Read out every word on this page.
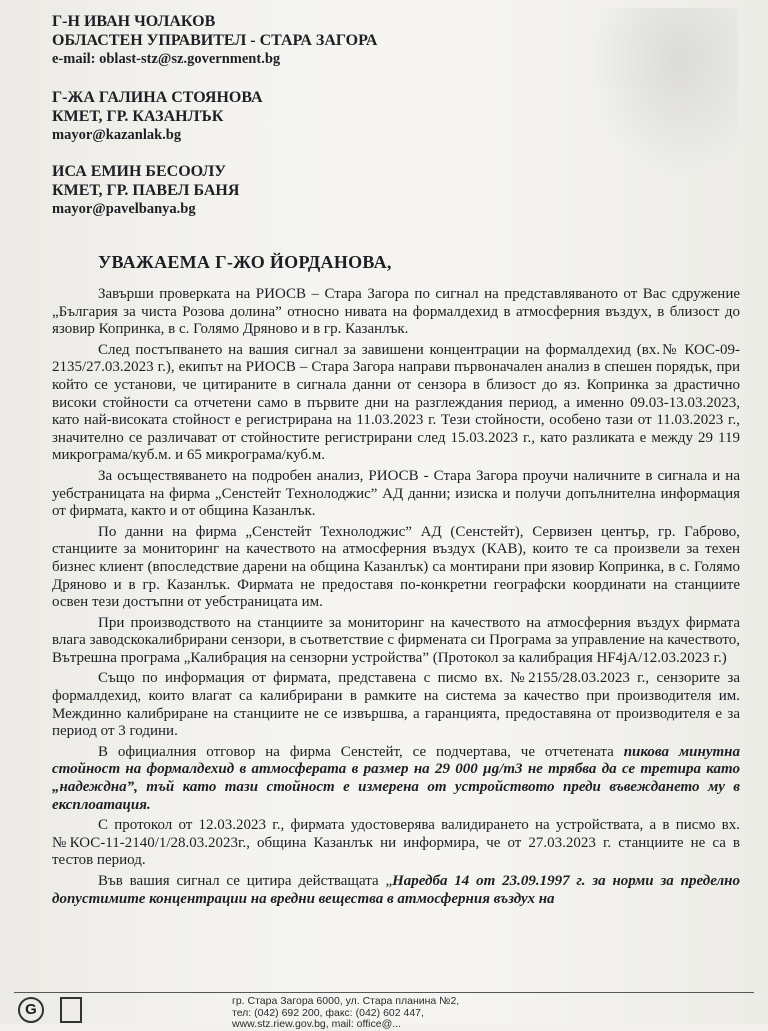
Г-Н ИВАН ЧОЛАКОВ
ОБЛАСТЕН УПРАВИТЕЛ - СТАРА ЗАГОРА
e-mail: oblast-stz@sz.government.bg
Г-ЖА ГАЛИНА СТОЯНОВА
КМЕТ, ГР. КАЗАНЛЪК
mayor@kazanlak.bg
ИСА ЕМИН БЕСООЛУ
КМЕТ, ГР. ПАВЕЛ БАНЯ
mayor@pavelbanya.bg
УВАЖАЕМА Г-ЖО ЙОРДАНОВА,

Завърши проверката на РИОСВ – Стара Загора по сигнал на представляваното от Вас сдружение „България за чиста Розова долина” относно нивата на формалдехид в атмосферния въздух, в близост до язовир Копринка, в с. Голямо Дряново и в гр. Казанлък.

След постъпването на вашия сигнал за завишени концентрации на формалдехид (вх.№ КОС-09-2135/27.03.2023 г.), екипът на РИОСВ – Стара Загора направи първоначален анализ в спешен порядък, при който се установи, че цитираните в сигнала данни от сензора в близост до яз. Копринка за драстично високи стойности са отчетени само в първите дни на разглеждания период, а именно 09.03-13.03.2023, като най-високата стойност е регистрирана на 11.03.2023 г. Тези стойности, особено тази от 11.03.2023 г., значително се различават от стойностите регистрирани след 15.03.2023 г., като разликата е между 29 119 микрограма/куб.м. и 65 микрограма/куб.м.

За осъществяването на подробен анализ, РИОСВ - Стара Загора проучи наличните в сигнала и на уебстраницата на фирма „Сенстейт Технолоджис” АД данни; изиска и получи допълнителна информация от фирмата, както и от община Казанлък.

По данни на фирма „Сенстейт Технолоджис” АД (Сенстейт), Сервизен център, гр. Габрово, станциите за мониторинг на качеството на атмосферния въздух (КАВ), които те са произвели за техен бизнес клиент (впоследствие дарени на община Казанлък) са монтирани при язовир Копринка, в с. Голямо Дряново и в гр. Казанлък. Фирмата не предоставя по-конкретни географски координати на станциите освен тези достъпни от уебстраницата им.

При производството на станциите за мониторинг на качеството на атмосферния въздух фирмата влага заводскокалибрирани сензори, в съответствие с фирмената си Програма за управление на качеството, Вътрешна програма „Калибрация на сензорни устройства” (Протокол за калибрация HF4jA/12.03.2023 г.)

Също по информация от фирмата, представена с писмо вх. №2155/28.03.2023 г., сензорите за формалдехид, които влагат са калибрирани в рамките на система за качество при производителя им. Междинно калибриране на станциите не се извършва, а гаранцията, предоставяна от производителя е за период от 3 години.

В официалния отговор на фирма Сенстейт, се подчертава, че отчетената пикова минутна стойност на формалдехид в атмосферата в размер на 29 000 µg/m3 не трябва да се третира като „надеждна”, тъй като тази стойност е измерена от устройството преди въвеждането му в експлоатация.

С протокол от 12.03.2023 г., фирмата удостоверява валидирането на устройствата, а в писмо вх. №КОС-11-2140/1/28.03.2023г., община Казанлък ни информира, че от 27.03.2023 г. станциите не са в тестов период.

Във вашия сигнал се цитира действащата „Наредба 14 от 23.09.1997 г. за норми за пределно допустимите концентрации на вредни вещества в атмосферния въздух на

G	гр. Стара Загора 6000, ул. Стара планина №2,
тел: (042) 692 200, факс: (042) 602 447,
www.stz.riew.gov.bg, mail: office@...
